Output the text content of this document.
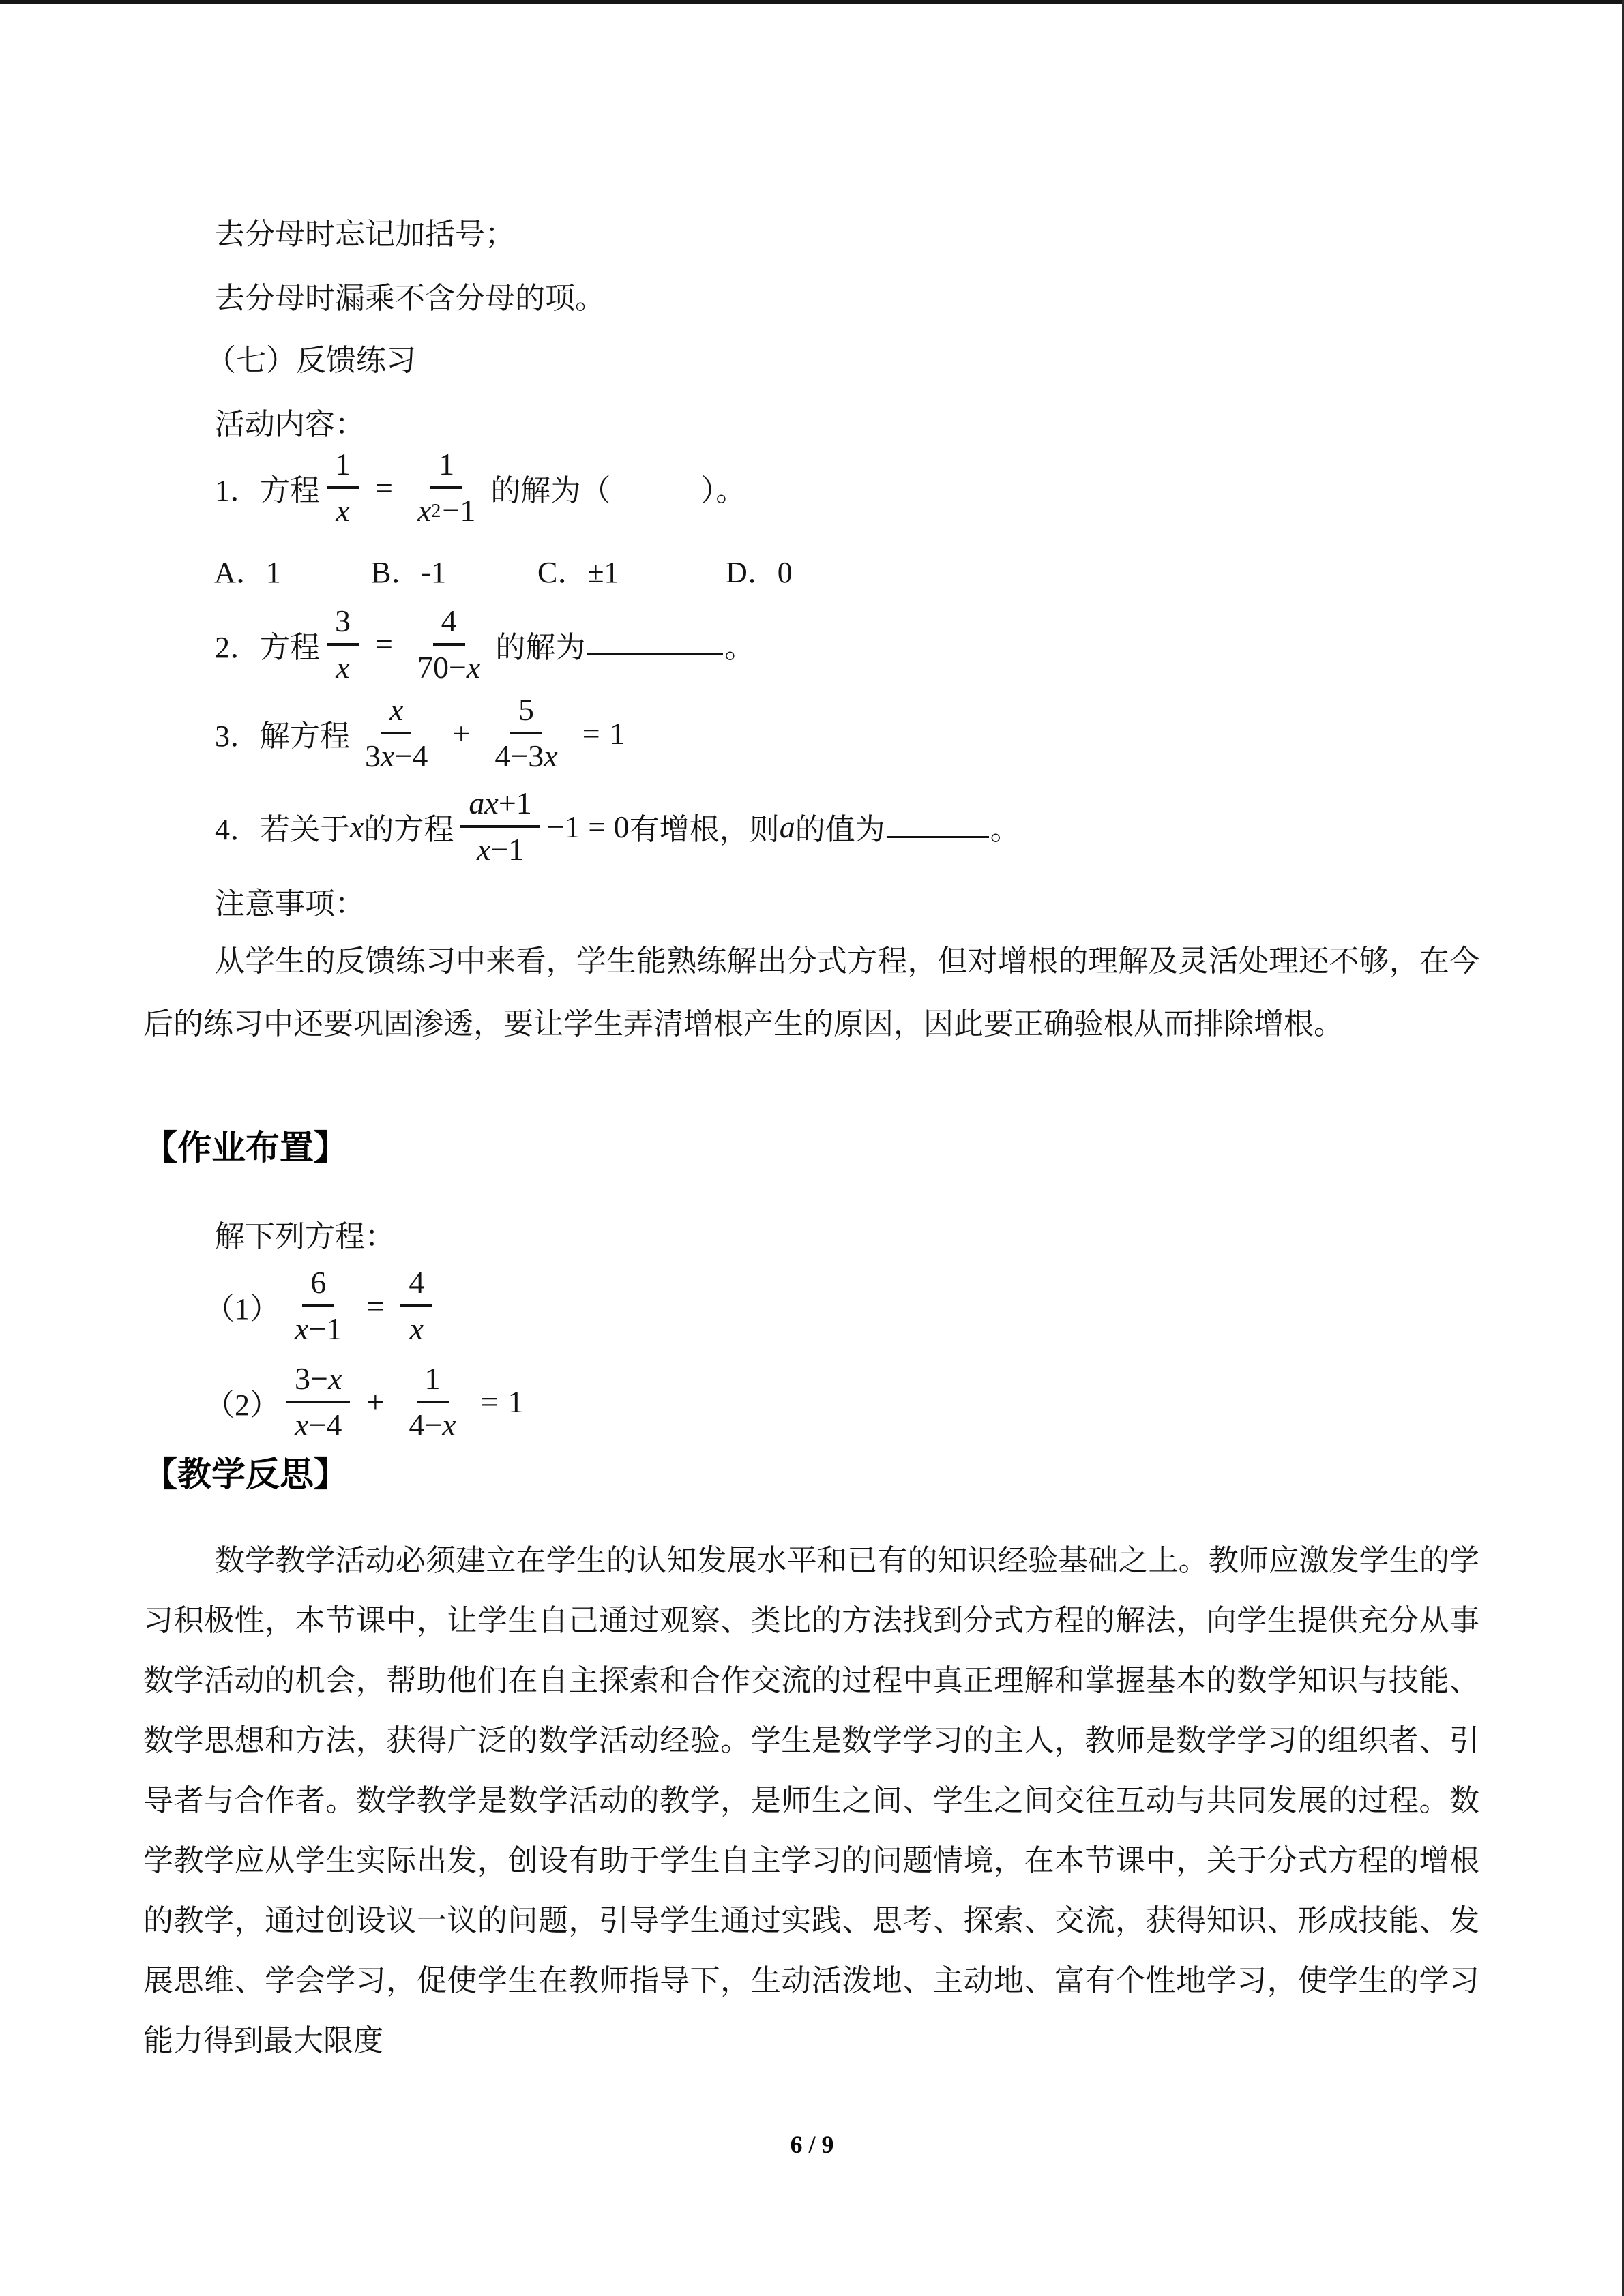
去分母时忘记加括号；
去分母时漏乘不含分母的项。
（七）反馈练习
活动内容：
1．方程 $\frac{1}{x} = \frac{1}{x^2-1}$ 的解为（　　　）。
A．1	B．-1	C．±1	D．0
2．方程 $\frac{3}{x} = \frac{4}{70-x}$ 的解为	。
3．解方程 $\frac{x}{3x-4} + \frac{5}{4-3x} = 1$
4．若关于 x 的方程 $\frac{ax+1}{x-1} -1 = 0$ 有增根，则 a 的值为	。
注意事项：
从学生的反馈练习中来看，学生能熟练解出分式方程，但对增根的理解及灵活处理还不够，在今后的练习中还要巩固渗透，要让学生弄清增根产生的原因，因此要正确验根从而排除增根。
【作业布置】
解下列方程：
$(1) \frac{6}{x-1} = \frac{4}{x}$
$(2) \frac{3-x}{x-4} + \frac{1}{4-x} = 1$
【教学反思】
数学教学活动必须建立在学生的认知发展水平和已有的知识经验基础之上。教师应激发学生的学习积极性，本节课中，让学生自己通过观察、类比的方法找到分式方程的解法，向学生提供充分从事数学活动的机会，帮助他们在自主探索和合作交流的过程中真正理解和掌握基本的数学知识与技能、数学思想和方法，获得广泛的数学活动经验。学生是数学学习的主人，教师是数学学习的组织者、引导者与合作者。数学教学是数学活动的教学，是师生之间、学生之间交往互动与共同发展的过程。数学教学应从学生实际出发，创设有助于学生自主学习的问题情境，在本节课中，关于分式方程的增根的教学，通过创设议一议的问题，引导学生通过实践、思考、探索、交流，获得知识、形成技能、发展思维、学会学习，促使学生在教师指导下，生动活泼地、主动地、富有个性地学习，使学生的学习能力得到最大限度
6 / 9
